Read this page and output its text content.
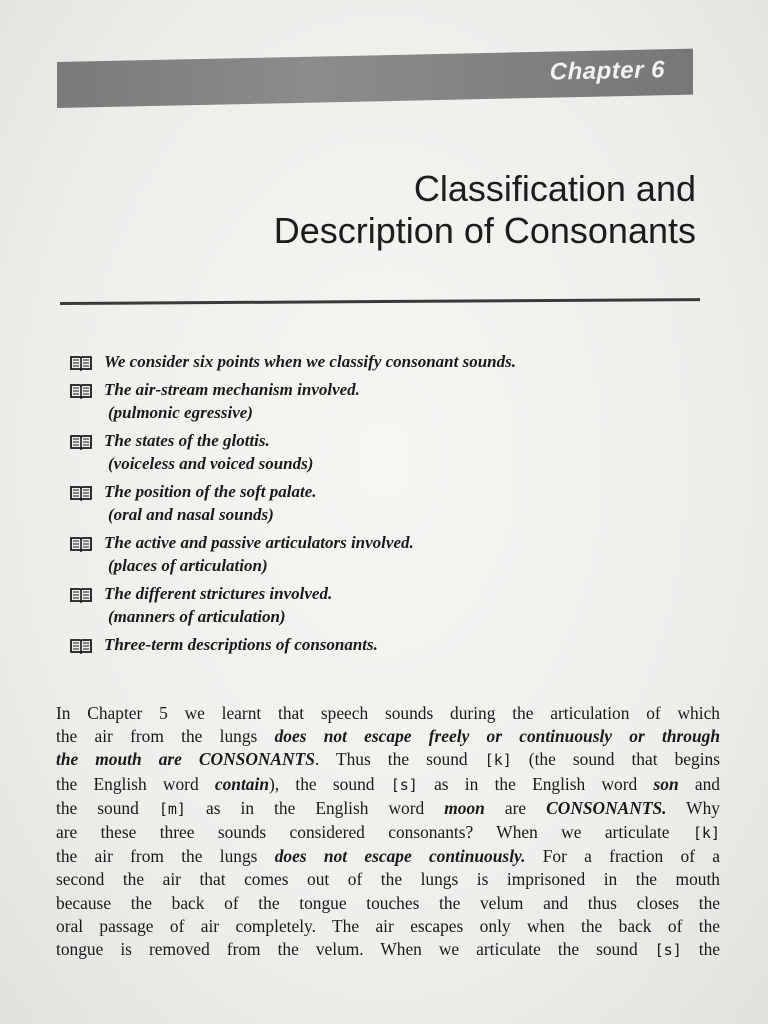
Chapter 6
Classification and
Description of Consonants
We consider six points when we classify consonant sounds.
The air-stream mechanism involved.
(pulmonic egressive)
The states of the glottis.
(voiceless and voiced sounds)
The position of the soft palate.
(oral and nasal sounds)
The active and passive articulators involved.
(places of articulation)
The different strictures involved.
(manners of articulation)
Three-term descriptions of consonants.
In Chapter 5 we learnt that speech sounds during the articulation of which
the air from the lungs does not escape freely or continuously or through
the mouth are CONSONANTS. Thus the sound [k] (the sound that begins
the English word contain), the sound [s] as in the English word son and
the sound [m] as in the English word moon are CONSONANTS. Why
are these three sounds considered consonants? When we articulate [k]
the air from the lungs does not escape continuously. For a fraction of a
second the air that comes out of the lungs is imprisoned in the mouth
because the back of the tongue touches the velum and thus closes the
oral passage of air completely. The air escapes only when the back of the
tongue is removed from the velum. When we articulate the sound [s] the
